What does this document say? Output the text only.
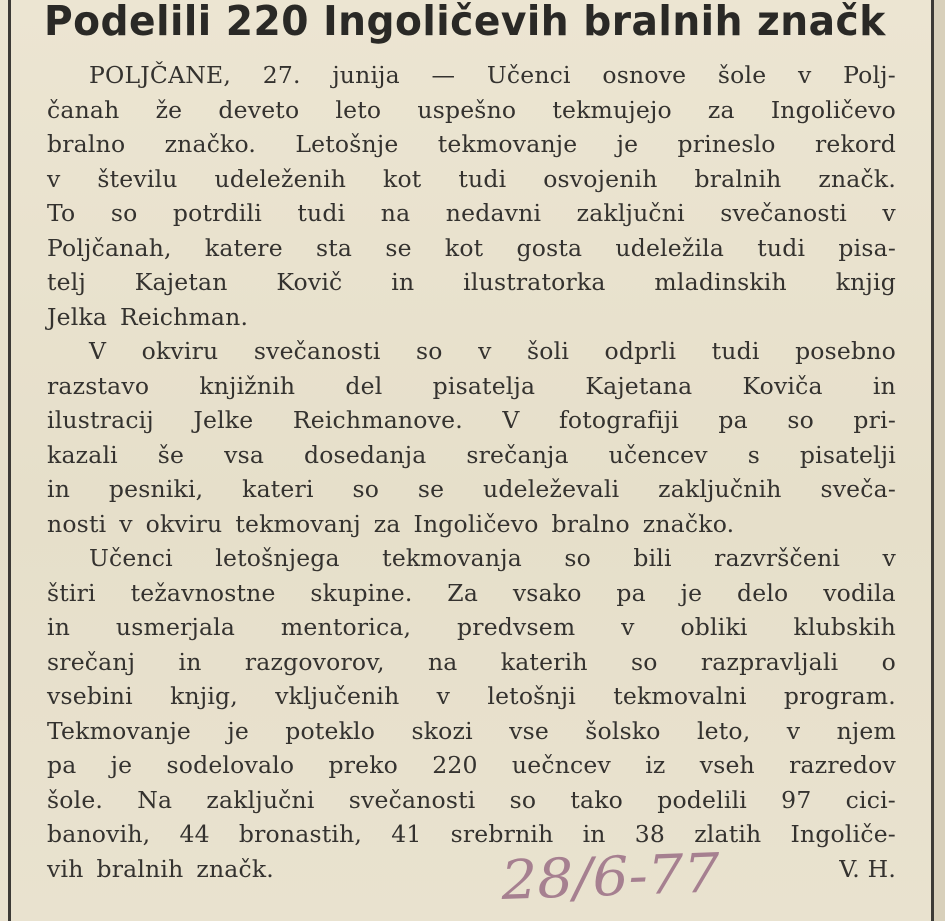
Podelili 220 Ingoličevih bralnih značk
POLJČANE, 27. junija — Učenci osnove šole v Polj-
čanah že deveto leto uspešno tekmujejo za Ingoličevo
bralno značko. Letošnje tekmovanje je prineslo rekord
v številu udeleženih kot tudi osvojenih bralnih značk.
To so potrdili tudi na nedavni zaključni svečanosti v
Poljčanah, katere sta se kot gosta udeležila tudi pisa-
telj Kajetan Kovič in ilustratorka mladinskih knjig
Jelka Reichman.
V okviru svečanosti so v šoli odprli tudi posebno
razstavo knjižnih del pisatelja Kajetana Koviča in
ilustracij Jelke Reichmanove. V fotografiji pa so pri-
kazali še vsa dosedanja srečanja učencev s pisatelji
in pesniki, kateri so se udeleževali zaključnih sveča-
nosti v okviru tekmovanj za Ingoličevo bralno značko.
Učenci letošnjega tekmovanja so bili razvrščeni v
štiri težavnostne skupine. Za vsako pa je delo vodila
in usmerjala mentorica, predvsem v obliki klubskih
srečanj in razgovorov, na katerih so razpravljali o
vsebini knjig, vključenih v letošnji tekmovalni program.
Tekmovanje je poteklo skozi vse šolsko leto, v njem
pa je sodelovalo preko 220 uečncev iz vseh razredov
šole. Na zaključni svečanosti so tako podelili 97 cici-
banovih, 44 bronastih, 41 srebrnih in 38 zlatih Ingoliče-
vih bralnih značk.	V. H.
28/6-77
